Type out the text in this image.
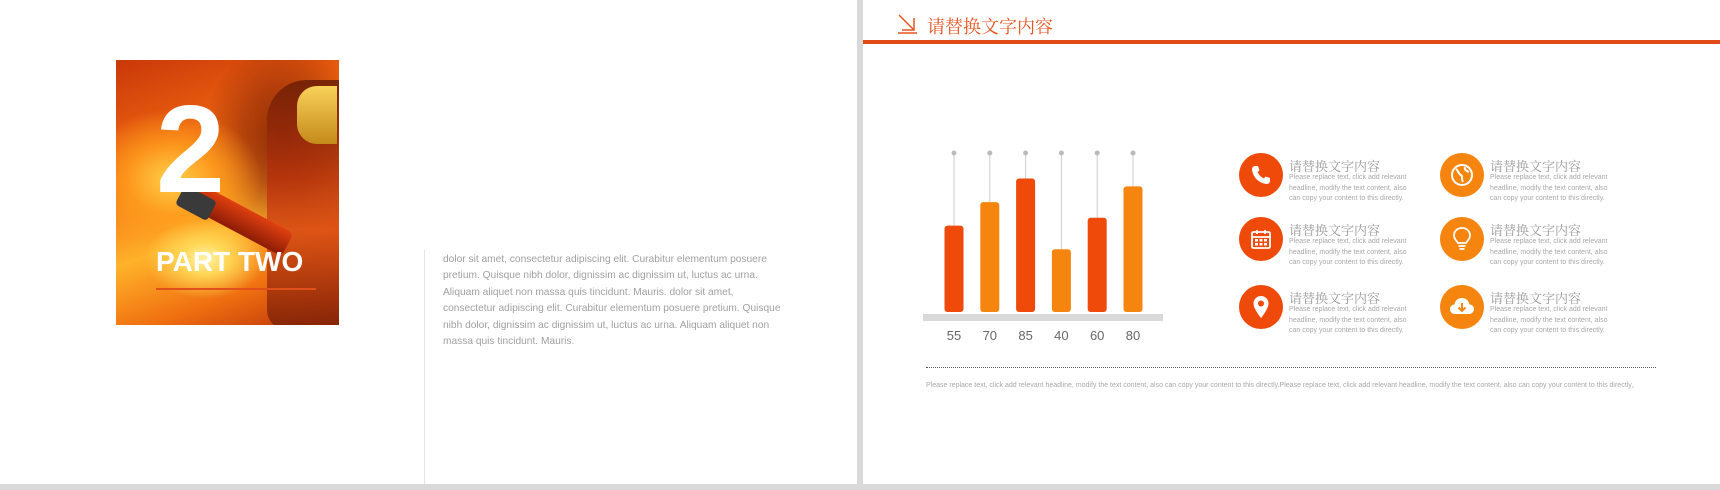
2
PART TWO	dolor sit amet, consectetur adipiscing elit. Curabitur elementum posuere pretium. Quisque nibh dolor, dignissim ac dignissim ut, luctus ac urna. Aliquam aliquet non massa quis tincidunt. Mauris. dolor sit amet, consectetur adipiscing elit. Curabitur elementum posuere pretium. Quisque nibh dolor, dignissim ac dignissim ut, luctus ac urna. Aliquam aliquet non massa quis tincidunt. Mauris.
请替换文字内容
55 70 85 40 60 80
请替换文字内容
Please replace text, click add relevant headline, modify the text content, also can copy your content to this directly.
请替换文字内容
Please replace text, click add relevant headline, modify the text content, also can copy your content to this directly.
请替换文字内容
Please replace text, click add relevant headline, modify the text content, also can copy your content to this directly.
请替换文字内容
Please replace text, click add relevant headline, modify the text content, also can copy your content to this directly.
请替换文字内容
Please replace text, click add relevant headline, modify the text content, also can copy your content to this directly.
请替换文字内容
Please replace text, click add relevant headline, modify the text content, also can copy your content to this directly.
Please replace text, click add relevant headline, modify the text content, also can copy your content to this directly.Please replace text, click add relevant headline, modify the text content, also can copy your content to this directly。
